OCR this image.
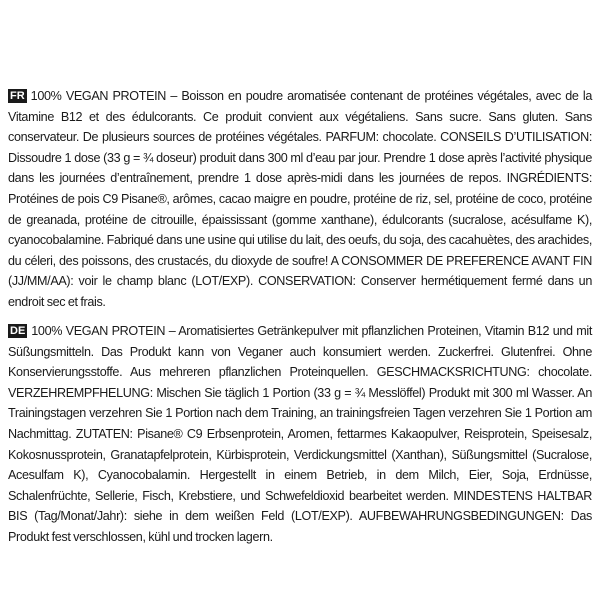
FR 100% VEGAN PROTEIN – Boisson en poudre aromatisée contenant de protéines végétales, avec de la Vitamine B12 et des édulcorants. Ce produit convient aux végétaliens. Sans sucre. Sans gluten. Sans conservateur. De plusieurs sources de protéines végétales. PARFUM: chocolate. CONSEILS D’UTILISATION: Dissoudre 1 dose (33 g = ¾ doseur) produit dans 300 ml d’eau par jour. Prendre 1 dose après l’activité physique dans les journées d’entraînement, prendre 1 dose après-midi dans les journées de repos. INGRÉDIENTS: Protéines de pois C9 Pisane®, arômes, cacao maigre en poudre, protéine de riz, sel, protéine de coco, protéine de greanada, protéine de citrouille, épaississant (gomme xanthane), édulcorants (sucralose, acésulfame K), cyanocobalamine. Fabriqué dans une usine qui utilise du lait, des oeufs, du soja, des cacahuètes, des arachides, du céleri, des poissons, des crustacés, du dioxyde de soufre! A CONSOMMER DE PREFERENCE AVANT FIN (JJ/MM/AA): voir le champ blanc (LOT/EXP). CONSERVATION: Conserver hermétiquement fermé dans un endroit sec et frais.
DE 100% VEGAN PROTEIN – Aromatisiertes Getränkepulver mit pflanzlichen Proteinen, Vitamin B12 und mit Süßungsmitteln. Das Produkt kann von Veganer auch konsumiert werden. Zuckerfrei. Glutenfrei. Ohne Konservierungsstoffe. Aus mehreren pflanzlichen Proteinquellen. GESCHMACKSRICHTUNG: chocolate. VERZEHREMPFHELUNG: Mischen Sie täglich 1 Portion (33 g = ¾ Messlöffel) Produkt mit 300 ml Wasser. An Trainingstagen verzehren Sie 1 Portion nach dem Training, an trainingsfreien Tagen verzehren Sie 1 Portion am Nachmittag. ZUTATEN: Pisane® C9 Erbsenprotein, Aromen, fettarmes Kakaopulver, Reisprotein, Speisesalz, Kokosnussprotein, Granatapfelprotein, Kürbisprotein, Verdickungsmittel (Xanthan), Süßungsmittel (Sucralose, Acesulfam K), Cyanocobalamin. Hergestellt in einem Betrieb, in dem Milch, Eier, Soja, Erdnüsse, Schalenfrüchte, Sellerie, Fisch, Krebstiere, und Schwefeldioxid bearbeitet werden. MINDESTENS HALTBAR BIS (Tag/Monat/Jahr): siehe in dem weißen Feld (LOT/EXP). AUFBEWAHRUNGSBEDINGUNGEN: Das Produkt fest verschlossen, kühl und trocken lagern.
